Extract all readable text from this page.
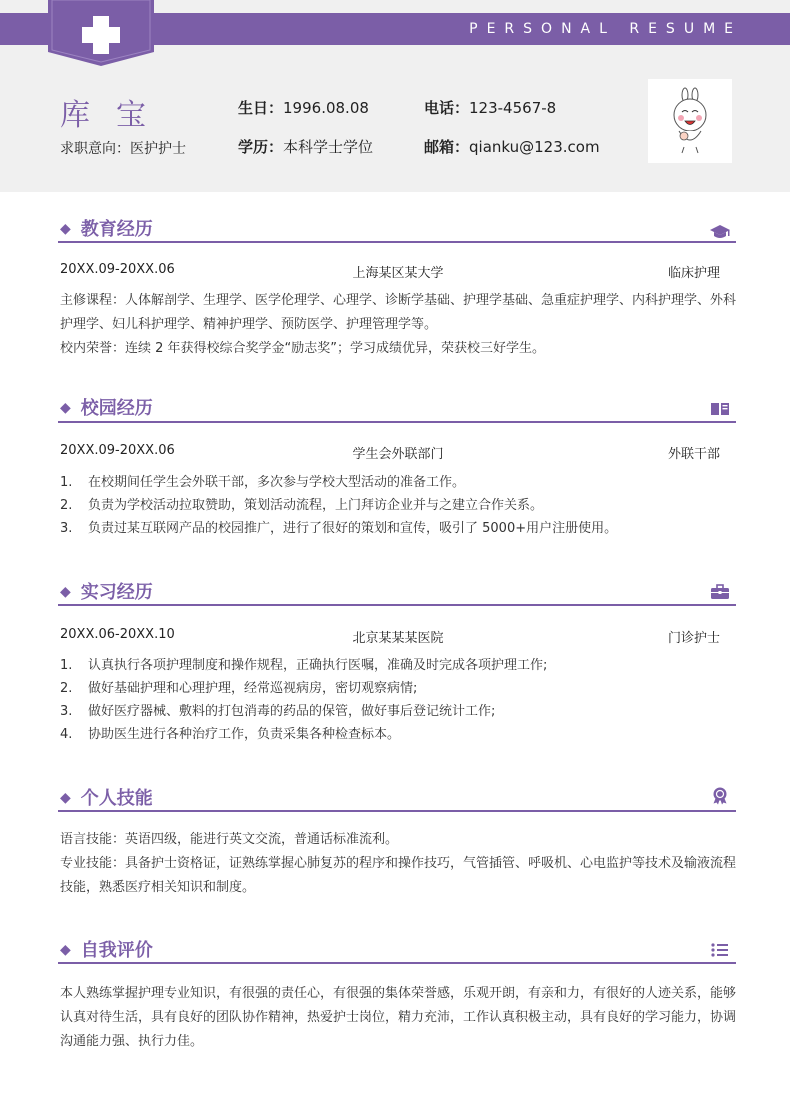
PERSONAL RESUME
库宝
求职意向：医护护士
生日：1996.08.08
学历：本科学士学位
电话：123-4567-8
邮箱：qianku@123.com
◆ 教育经历
20XX.09-20XX.06	上海某区某大学	临床护理
主修课程：人体解剖学、生理学、医学伦理学、心理学、诊断学基础、护理学基础、急重症护理学、内科护理学、外科护理学、妇儿科护理学、精神护理学、预防医学、护理管理学等。
校内荣誉：连续 2 年获得校综合奖学金“励志奖”；学习成绩优异，荣获校三好学生。
◆ 校园经历
20XX.09-20XX.06	学生会外联部门	外联干部
1. 在校期间任学生会外联干部，多次参与学校大型活动的准备工作。
2. 负责为学校活动拉取赞助，策划活动流程，上门拜访企业并与之建立合作关系。
3. 负责过某互联网产品的校园推广，进行了很好的策划和宣传，吸引了 5000+用户注册使用。
◆ 实习经历
20XX.06-20XX.10	北京某某某医院	门诊护士
1. 认真执行各项护理制度和操作规程，正确执行医嘱，准确及时完成各项护理工作;
2. 做好基础护理和心理护理，经常巡视病房，密切观察病情;
3. 做好医疗器械、敷料的打包消毒的药品的保管，做好事后登记统计工作;
4. 协助医生进行各种治疗工作，负责采集各种检查标本。
◆ 个人技能
语言技能：英语四级，能进行英文交流，普通话标准流利。
专业技能：具备护士资格证，证熟练掌握心肺复苏的程序和操作技巧，气管插管、呼吸机、心电监护等技术及输液流程技能，熟悉医疗相关知识和制度。
◆ 自我评价
本人熟练掌握护理专业知识，有很强的责任心，有很强的集体荣誉感，乐观开朗，有亲和力，有很好的人迹关系，能够认真对待生活，具有良好的团队协作精神，热爱护士岗位，精力充沛，工作认真积极主动，具有良好的学习能力，协调沟通能力强、执行力佳。
